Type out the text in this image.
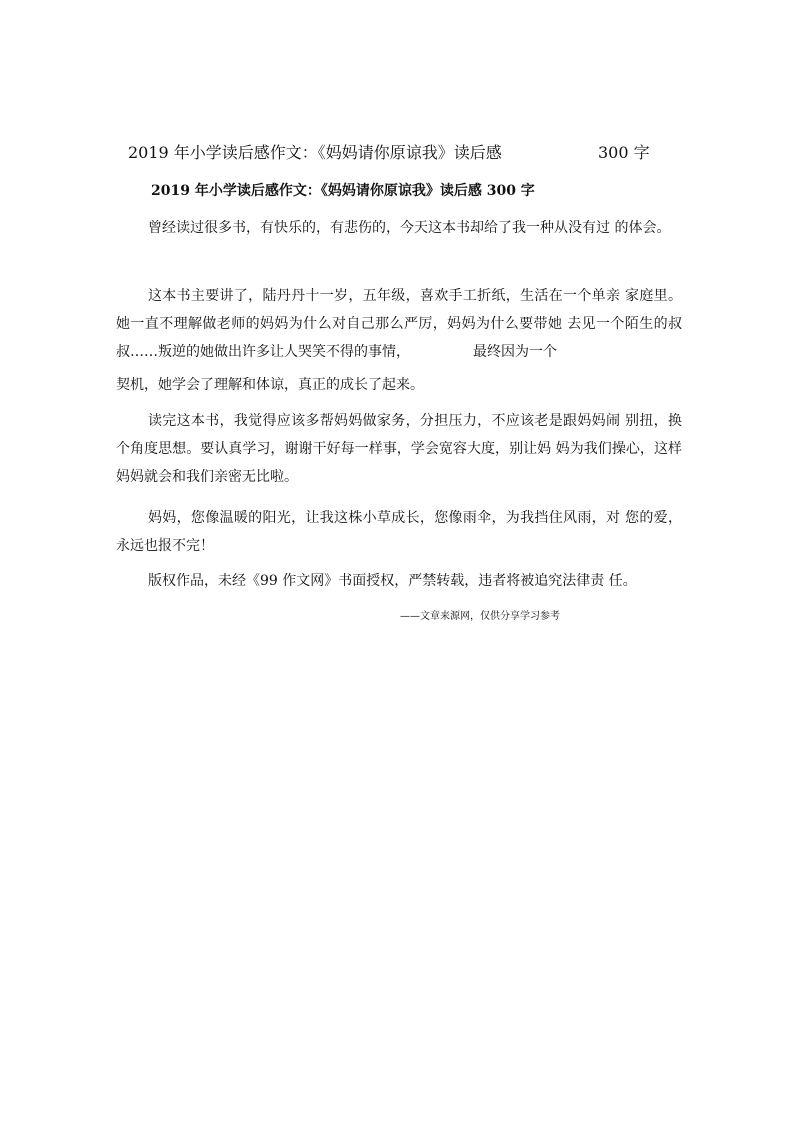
2019 年小学读后感作文：《妈妈请你原谅我》读后感	300 字
2019 年小学读后感作文：《妈妈请你原谅我》读后感 300 字

曾经读过很多书，有快乐的，有悲伤的，今天这本书却给了我一种从没有过 的体会。

这本书主要讲了，陆丹丹十一岁，五年级，喜欢手工折纸，生活在一个单亲 家庭里。她一直不理解做老师的妈妈为什么对自己那么严厉，妈妈为什么要带她 去见一个陌生的叔叔……叛逆的她做出许多让人哭笑不得的事情，　　　　　最终因为一个

契机，她学会了理解和体谅，真正的成长了起来。

读完这本书，我觉得应该多帮妈妈做家务，分担压力，不应该老是跟妈妈闹 别扭，换个角度思想。要认真学习，谢谢干好每一样事，学会宽容大度，别让妈 妈为我们操心，这样妈妈就会和我们亲密无比啦。

妈妈，您像温暖的阳光，让我这株小草成长，您像雨伞，为我挡住风雨，对 您的爱，永远也报不完！

版权作品，未经《99 作文网》书面授权，严禁转载，违者将被追究法律责 任。

——文章来源网，仅供分享学习参考
